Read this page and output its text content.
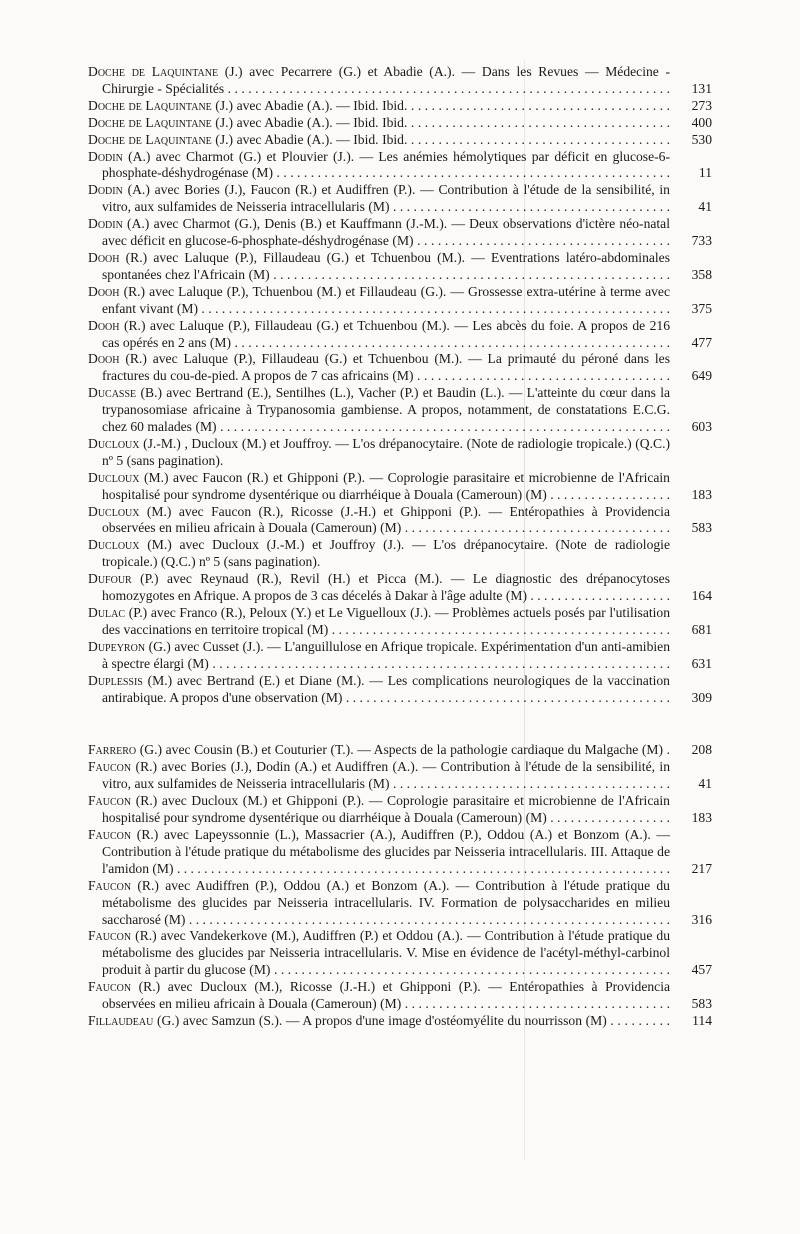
Doche de Laquintane (J.) avec Pecarrere (G.) et Abadie (A.). — Dans les Revues — Médecine - Chirurgie - Spécialités . . .	131
Doche de Laquintane (J.) avec Abadie (A.). — Ibid. Ibid. . . .	273
Doche de Laquintane (J.) avec Abadie (A.). — Ibid. Ibid. . . .	400
Doche de Laquintane (J.) avec Abadie (A.). — Ibid. Ibid. . . .	530
Dodin (A.) avec Charmot (G.) et Plouvier (J.). — Les anémies hémolytiques par déficit en glucose-6-phosphate-déshydrogénase (M) . . .	11
Dodin (A.) avec Bories (J.), Faucon (R.) et Audiffren (P.). — Contribution à l'étude de la sensibilité, in vitro, aux sulfamides de Neisseria intracellularis (M) . . .	41
Dodin (A.) avec Charmot (G.), Denis (B.) et Kauffmann (J.-M.). — Deux observations d'ictère néo-natal avec déficit en glucose-6-phosphate-déshydrogénase (M) . . .	733
Dooh (R.) avec Laluque (P.), Fillaudeau (G.) et Tchuenbou (M.). — Eventrations latéro-abdominales spontanées chez l'Africain (M) . . .	358
Dooh (R.) avec Laluque (P.), Tchuenbou (M.) et Fillaudeau (G.). — Grossesse extra-utérine à terme avec enfant vivant (M) . . .	375
Dooh (R.) avec Laluque (P.), Fillaudeau (G.) et Tchuenbou (M.). — Les abcès du foie. A propos de 216 cas opérés en 2 ans (M) . . .	477
Dooh (R.) avec Laluque (P.), Fillaudeau (G.) et Tchuenbou (M.). — La primauté du péroné dans les fractures du cou-de-pied. A propos de 7 cas africains (M) . . .	649
Ducasse (B.) avec Bertrand (E.), Sentilhes (L.), Vacher (P.) et Baudin (L.). — L'atteinte du cœur dans la trypanosomiase africaine à Trypanosomia gambiense. A propos, notamment, de constatations E.C.G. chez 60 malades (M) . . .	603
Ducloux (J.-M.) , Ducloux (M.) et Jouffroy. — L'os drépanocytaire. (Note de radiologie tropicale.) (Q.C.) nº 5 (sans pagination).
Ducloux (M.) avec Faucon (R.) et Ghipponi (P.). — Coprologie parasitaire et microbienne de l'Africain hospitalisé pour syndrome dysentérique ou diarrhéique à Douala (Cameroun) (M) . . .	183
Ducloux (M.) avec Faucon (R.), Ricosse (J.-H.) et Ghipponi (P.). — Entéropathies à Providencia observées en milieu africain à Douala (Cameroun) (M) . . .	583
Ducloux (M.) avec Ducloux (J.-M.) et Jouffroy (J.). — L'os drépanocytaire. (Note de radiologie tropicale.) (Q.C.) nº 5 (sans pagination).
Dufour (P.) avec Reynaud (R.), Revil (H.) et Picca (M.). — Le diagnostic des drépanocytoses homozygotes en Afrique. A propos de 3 cas décelés à Dakar à l'âge adulte (M) . . .	164
Dulac (P.) avec Franco (R.), Peloux (Y.) et Le Viguelloux (J.). — Problèmes actuels posés par l'utilisation des vaccinations en territoire tropical (M) . . .	681
Dupeyron (G.) avec Cusset (J.). — L'anguillulose en Afrique tropicale. Expérimentation d'un anti-amibien à spectre élargi (M) . . .	631
Duplessis (M.) avec Bertrand (E.) et Diane (M.). — Les complications neurologiques de la vaccination antirabique. A propos d'une observation (M) . . .	309
Farrero (G.) avec Cousin (B.) et Couturier (T.). — Aspects de la pathologie cardiaque du Malgache (M) . . .	208
Faucon (R.) avec Bories (J.), Dodin (A.) et Audiffren (A.). — Contribution à l'étude de la sensibilité, in vitro, aux sulfamides de Neisseria intracellularis (M) . . .	41
Faucon (R.) avec Ducloux (M.) et Ghipponi (P.). — Coprologie parasitaire et microbienne de l'Africain hospitalisé pour syndrome dysentérique ou diarrhéique à Douala (Cameroun) (M) . . .	183
Faucon (R.) avec Lapeyssonnie (L.), Massacrier (A.), Audiffren (P.), Oddou (A.) et Bonzom (A.). — Contribution à l'étude pratique du métabolisme des glucides par Neisseria intracellularis. III. Attaque de l'amidon (M) . . .	217
Faucon (R.) avec Audiffren (P.), Oddou (A.) et Bonzom (A.). — Contribution à l'étude pratique du métabolisme des glucides par Neisseria intracellularis. IV. Formation de polysaccharides en milieu saccharosé (M) . . .	316
Faucon (R.) avec Vandekerkove (M.), Audiffren (P.) et Oddou (A.). — Contribution à l'étude pratique du métabolisme des glucides par Neisseria intracellularis. V. Mise en évidence de l'acétyl-méthyl-carbinol produit à partir du glucose (M) . . .	457
Faucon (R.) avec Ducloux (M.), Ricosse (J.-H.) et Ghipponi (P.). — Entéropathies à Providencia observées en milieu africain à Douala (Cameroun) (M) . . .	583
Fillaudeau (G.) avec Samzun (S.). — A propos d'une image d'ostéomyélite du nourrisson (M) . . .	114
